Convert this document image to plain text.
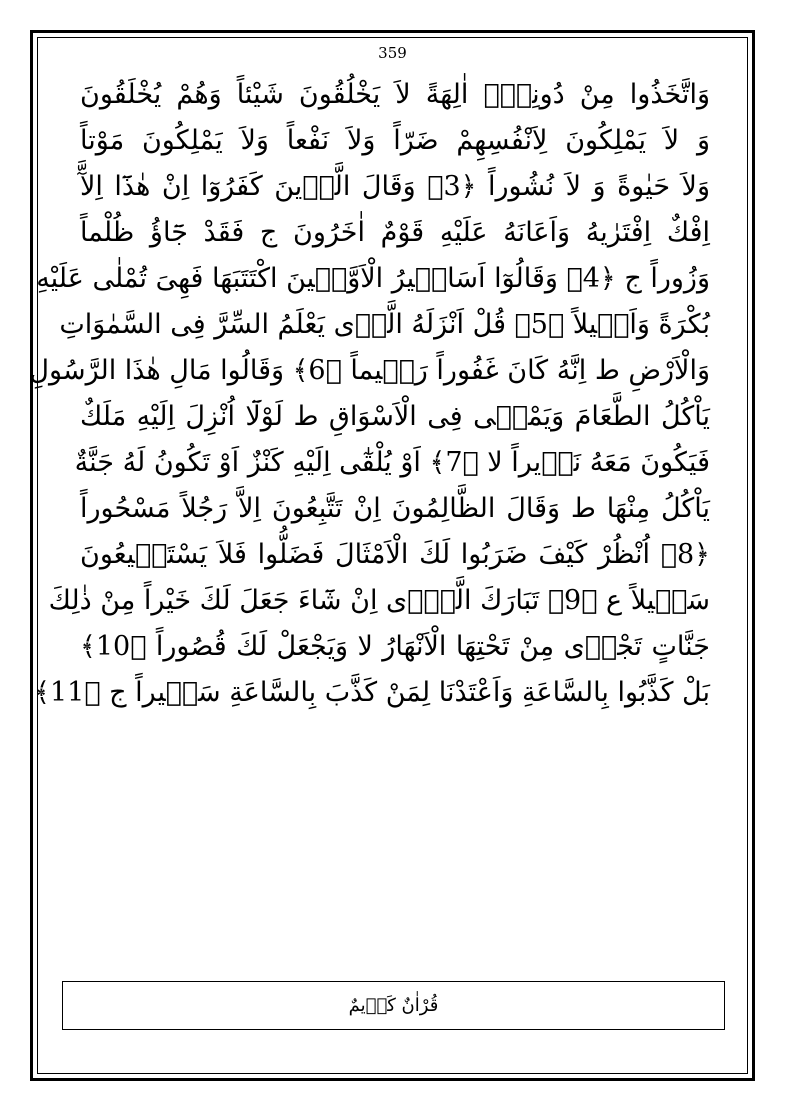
359
وَاتَّخَذُوا مِنْ دُونِهٖٓ اٰلِهَةً لاَ يَخْلُقُونَ شَيْئاً وَهُمْ يُخْلَقُونَ
وَ لاَ يَمْلِكُونَ لِاَنْفُسِهِمْ ضَرّاً وَلاَ نَفْعاً وَلاَ يَمْلِكُونَ مَوْتاً
وَلاَ حَيٰوةً وَ لاَ نُشُوراً ﴿3﴾ وَقَالَ الَّذ۪ينَ كَفَرُوٓا اِنْ هٰذَٓا اِلآَّ
اِفْكٌ اِفْتَرٰيهُ وَاَعَانَهُ عَلَيْهِ قَوْمٌ اٰخَرُونَ ج فَقَدْ جَٓاؤُ ظُلْماً
وَزُوراً ج ﴿4﴾ وَقَالُوٓا اَسَاط۪يرُ الْاَوَّل۪ينَ اكْتَتَبَهَا فَهِىَ تُمْلٰى عَلَيْهِ
بُكْرَةً وَاَص۪يلاً ﴿5﴾ قُلْ اَنْزَلَهُ الَّذ۪ى يَعْلَمُ السِّرَّ فِى السَّمٰوَاتِ
وَالْاَرْضِ ط اِنَّهُ كَانَ غَفُوراً رَح۪يماً ﴿6﴾ وَقَالُوا مَالِ هٰذَا الرَّسُولِ
يَاْكُلُ الطَّعَامَ وَيَمْش۪ى فِى الْاَسْوَاقِ ط لَوْلَٓا اُنْزِلَ اِلَيْهِ مَلَكٌ
فَيَكُونَ مَعَهُ نَذ۪يراً لا ﴿7﴾ اَوْ يُلْقٰٓى اِلَيْهِ كَنْزٌ اَوْ تَكُونُ لَهُ جَنَّةٌ
يَاْكُلُ مِنْهَا ط وَقَالَ الظَّالِمُونَ اِنْ تَتَّبِعُونَ اِلاَّ رَجُلاً مَسْحُوراً
﴿8﴾ اُنْظُرْ كَيْفَ ضَرَبُوا لَكَ الْاَمْثَالَ فَضَلُّوا فَلاَ يَسْتَط۪يعُونَ
سَب۪يلاً ع ﴿9﴾ تَبَارَكَ الَّذ۪ٓى اِنْ شَٓاءَ جَعَلَ لَكَ خَيْراً مِنْ ذٰلِكَ
جَنَّاتٍ تَجْر۪ى مِنْ تَحْتِهَا الْاَنْهَارُ لا وَيَجْعَلْ لَكَ قُصُوراً ﴿10﴾
بَلْ كَذَّبُوا بِالسَّاعَةِ وَاَعْتَدْنَا لِمَنْ كَذَّبَ بِالسَّاعَةِ سَع۪يراً ج ﴿11﴾
قُرْاٰنٌ كَر۪يمٌ
